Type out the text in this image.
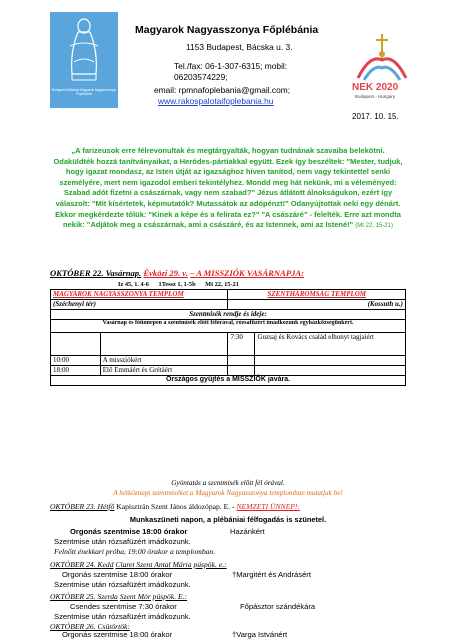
Budapest-Kőbánya Magyarok Nagyasszonya Főplébánia
Magyarok Nagyasszonya Főplébánia
1153 Budapest, Bácska u. 3.
Tel./fax: 06-1-307-6315; mobil:
06203574229;
email: rpmnafoplebania@gmail.com;
www.rakospalotaifoplebania.hu
NEK 2020
Budapest - Hungary
2017. 10. 15.
„A farizeusok erre félrevonultak és megtárgyalták, hogyan tudnának szavaiba belekötni. Odaküldték hozzá tanítványaikat, a Heródes-pártiakkal együtt. Ezek így beszéltek: "Mester, tudjuk, hogy igazat mondasz, az Isten útját az igazsághoz híven tanítod, nem vagy tekintettel senki személyére, mert nem igazodol emberi tekintélyhez. Mondd meg hát nekünk, mi a véleményed: Szabad adót fizetni a császárnak, vagy nem szabad?" Jézus átlátott álnokságukon, ezért így válaszolt: "Mit kísértetek, képmutatók? Mutassátok az adópénzt!" Odanyújtottak neki egy dénárt. Ekkor megkérdezte tőlük: "Kinek a képe és a felirata ez?" "A császáré" - felelték. Erre azt mondta nekik: "Adjátok meg a császárnak, ami a császáré, és az Istennek, ami az Istené!" (Mt 22, 15-21)
OKTÓBER 22. Vasárnap. Évközi 29. v. – A MISSZIÓK VASÁRNAPJA:
Iz 45, 1. 4-6 1Tessz 1, 1-5b Mt 22, 15-21
MAGYAROK NAGYASSZONYA TEMPLOM		SZENTHÁROMSÁG TEMPLOM	
(Széchenyi tér)		(Kossuth u.)	
Szentmisék rendje és ideje:			
Vasárnap és főünnepen a szentmisék előtt félórával, rózsafüzért imádkozunk egyházközségünkért.			
		7:30	Guzsaj és Kovács család elhunyt tagjaiért
10:00	A missziókért		
18:00	Elő Emmáért és Grétáért		
Országos gyűjtés a MISSZIÓK javára.			
Gyóntatás a szentmisék előtt fél órával.
A hétköznapi szentmiséket a Magyarok Nagyasszonya templomban mutatjuk be!
OKTÓBER 23. Hétfő Kapisztrán Szent János áldozópap. E. - NEMZETI ÜNNEP!:
Munkaszüneti napon, a plébániai félfogadás is szünetel.
Orgonás szentmise 18:00 órakor	Hazánkért
Szentmise után rózsafüzért imádkozunk.
Felnőtt énekkari próba, 19:00 órakor a templomban.
OKTÓBER 24. Kedd Claret Szent Antal Mária püspök. e.:
Orgonás szentmise 18:00 órakor	†Margitért és Andrásért
Szentmise után rózsafüzért imádkozunk.
OKTÓBER 25. Szerda Szent Mór püspök. E.:
Csendes szentmise 7:30 órakor	Főpásztor szándékára
Szentmise után rózsafüzért imádkozunk.
OKTÓBER 26. Csütörtök:
Orgonás szentmise 18:00 órakor	†Varga Istvánért
